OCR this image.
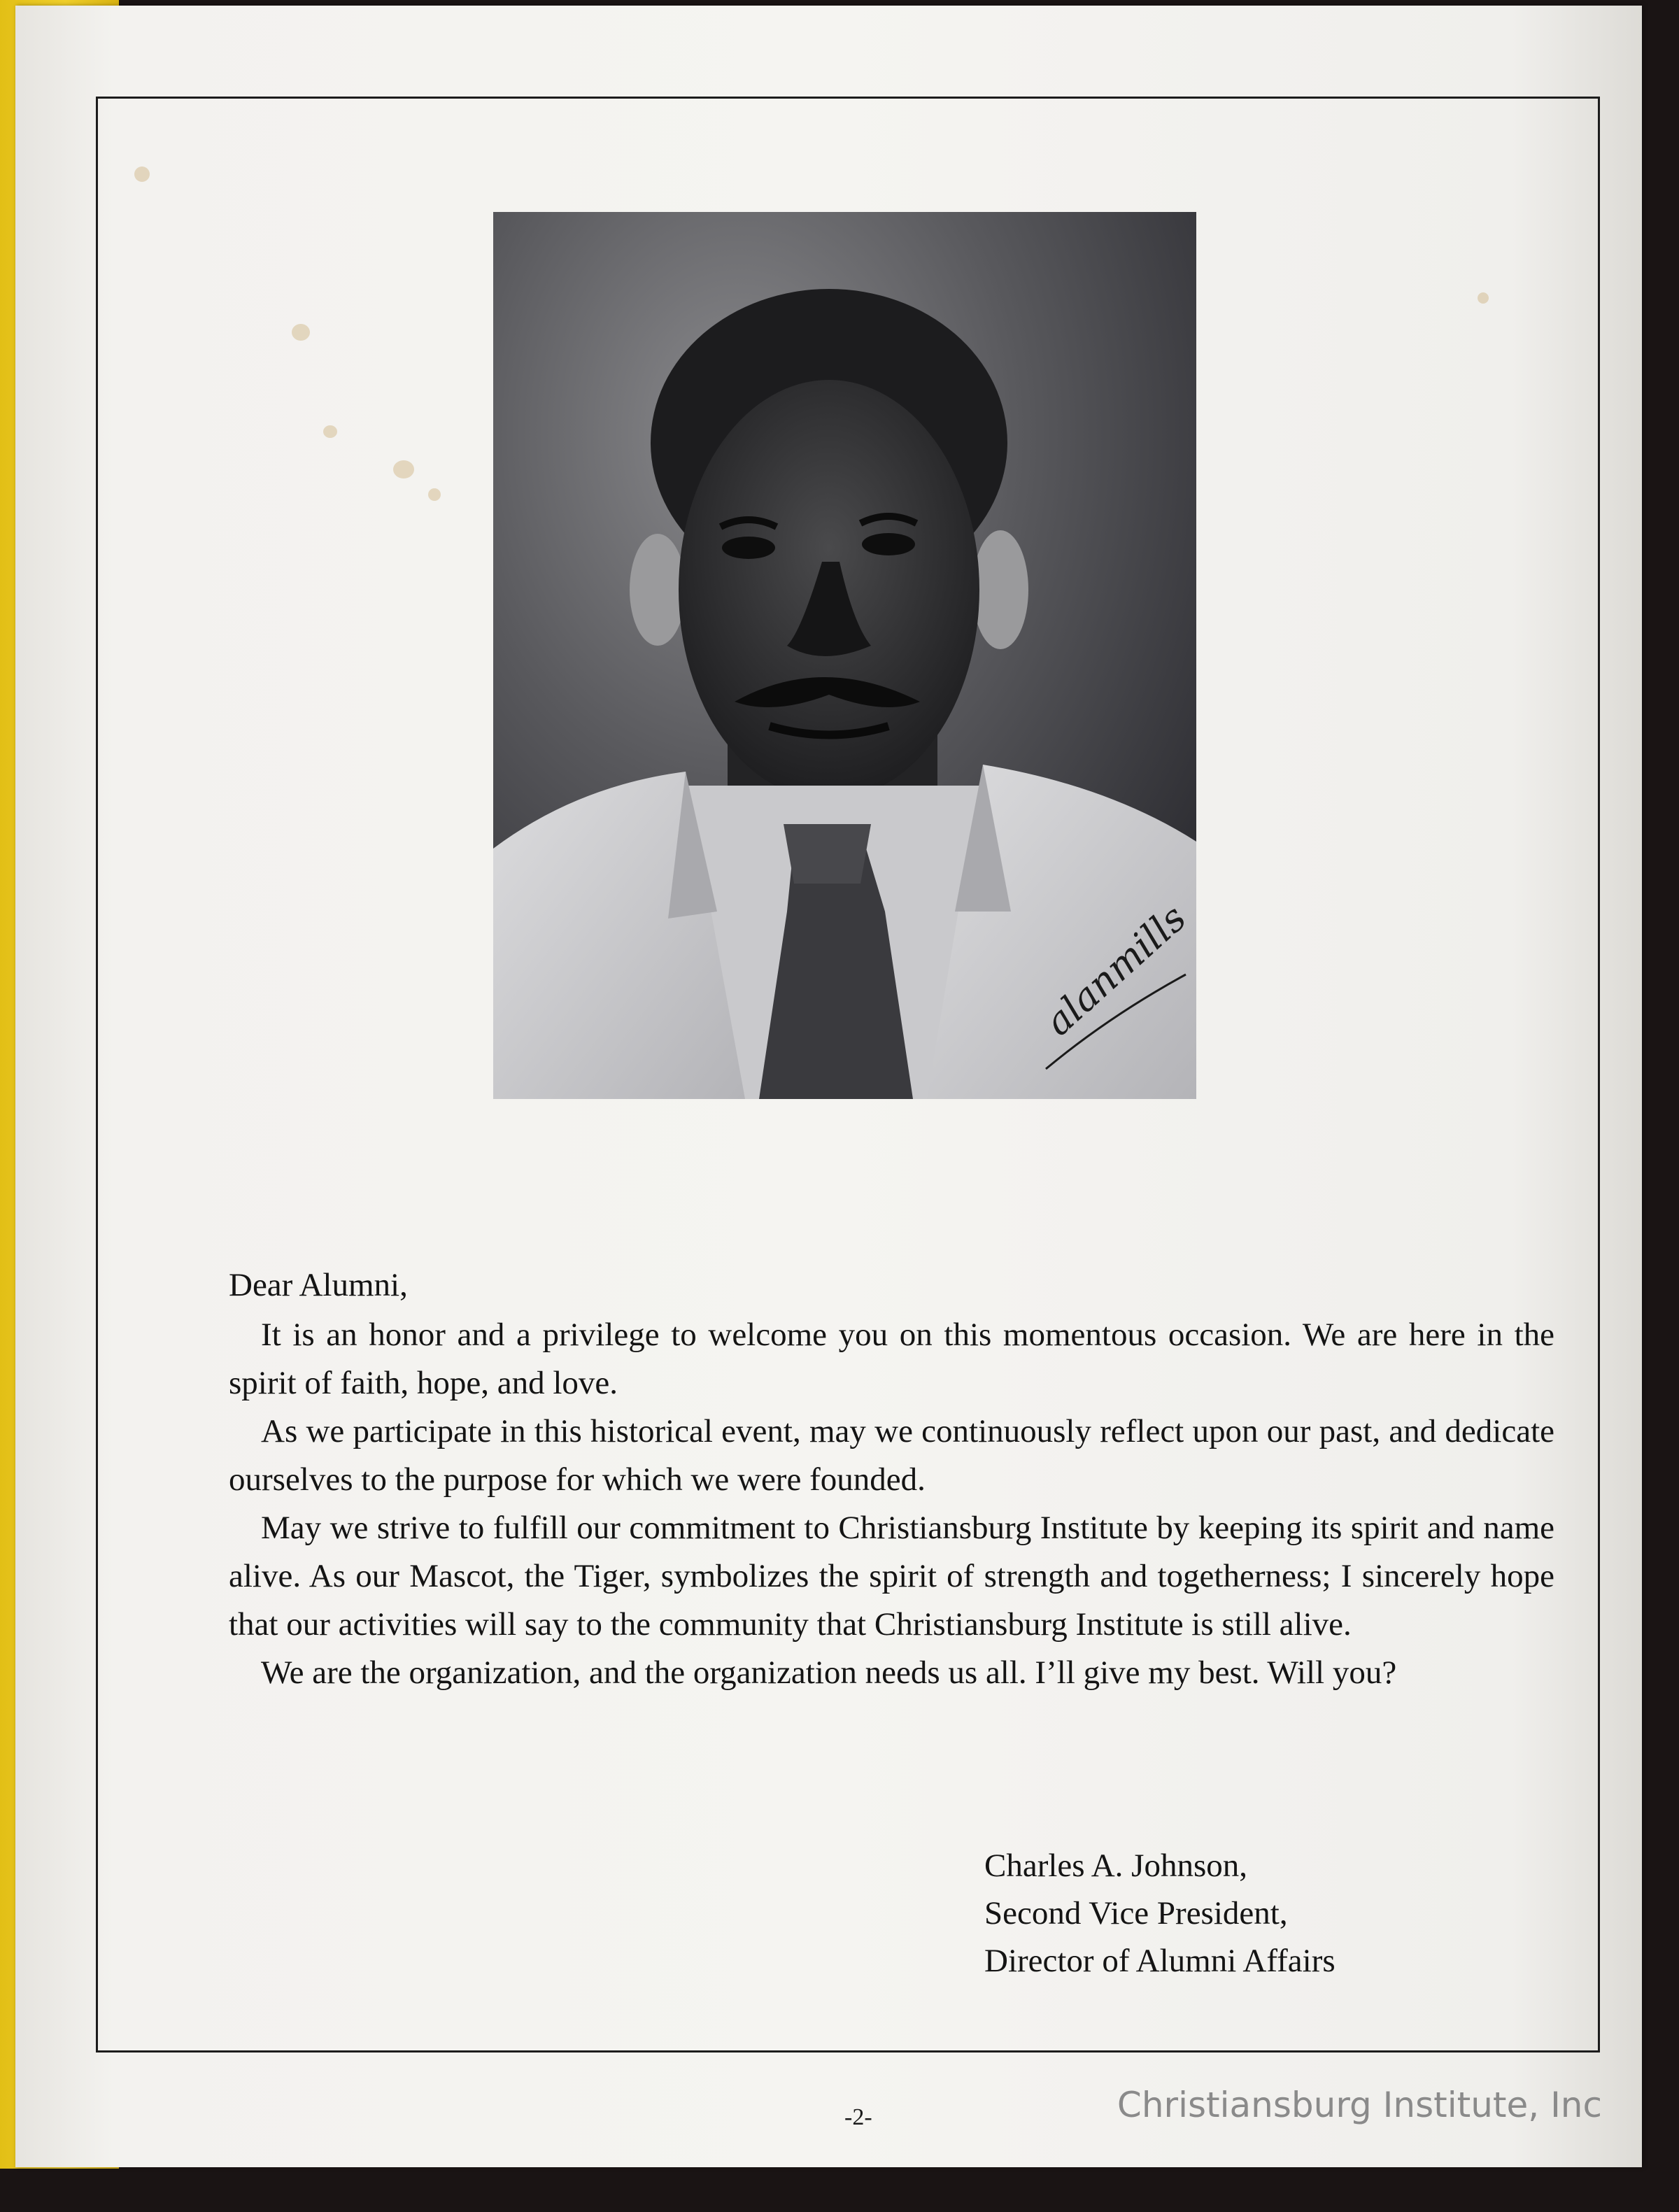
alanmills

Dear Alumni,

It is an honor and a privilege to welcome you on this momentous occasion. We are here in the spirit of faith, hope, and love.

As we participate in this historical event, may we continuously reflect upon our past, and dedicate ourselves to the purpose for which we were founded.

May we strive to fulfill our commitment to Christiansburg Institute by keeping its spirit and name alive. As our Mascot, the Tiger, symbolizes the spirit of strength and togetherness; I sincerely hope that our activities will say to the community that Christiansburg Institute is still alive.

We are the organization, and the organization needs us all. I’ll give my best. Will you?

Charles A. Johnson,
Second Vice President,
Director of Alumni Affairs
-2-	Christiansburg Institute, Inc
